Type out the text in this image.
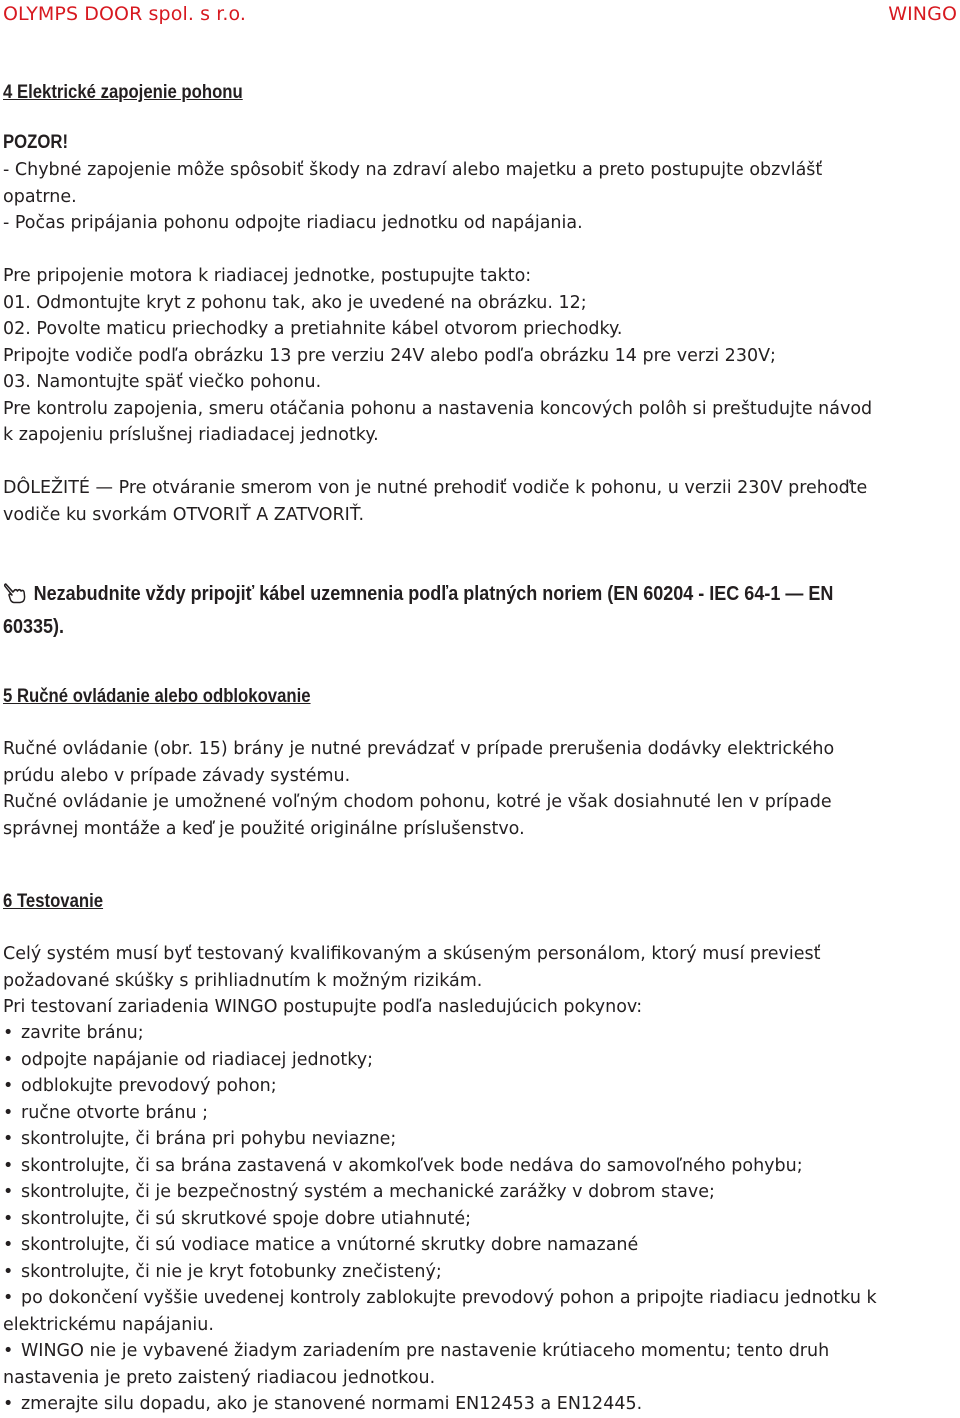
OLYMPS DOOR spol. s r.o.	WINGO
4 Elektrické zapojenie pohonu
POZOR!
- Chybné zapojenie môže spôsobiť škody na zdraví alebo majetku a preto postupujte obzvlášť
opatrne.
- Počas pripájania pohonu odpojte riadiacu jednotku od napájania.
Pre pripojenie motora k riadiacej jednotke, postupujte takto:
01. Odmontujte kryt z pohonu tak, ako je uvedené na obrázku. 12;
02. Povolte maticu priechodky a pretiahnite kábel otvorom priechodky.
Pripojte vodiče podľa obrázku 13 pre verziu 24V alebo podľa obrázku 14 pre verzi 230V;
03. Namontujte späť viečko pohonu.
Pre kontrolu zapojenia, smeru otáčania pohonu a nastavenia koncových polôh si preštudujte návod
k zapojeniu príslušnej riadiadacej jednotky.
DÔLEŽITÉ — Pre otváranie smerom von je nutné prehodiť vodiče k pohonu, u verzii 230V prehoďte
vodiče ku svorkám OTVORIŤ A ZATVORIŤ.
Nezabudnite vždy pripojiť kábel uzemnenia podľa platných noriem (EN 60204 - IEC 64-1 — EN
60335).
5 Ručné ovládanie alebo odblokovanie
Ručné ovládanie (obr. 15) brány je nutné prevádzať v prípade prerušenia dodávky elektrického
prúdu alebo v prípade závady systému.
Ručné ovládanie je umožnené voľným chodom pohonu, kotré je však dosiahnuté len v prípade
správnej montáže a keď je použité originálne príslušenstvo.
6 Testovanie
Celý systém musí byť testovaný kvalifikovaným a skúseným personálom, ktorý musí previesť
požadované skúšky s prihliadnutím k možným rizikám.
Pri testovaní zariadenia WINGO postupujte podľa nasledujúcich pokynov:
• zavrite bránu;
• odpojte napájanie od riadiacej jednotky;
• odblokujte prevodový pohon;
• ručne otvorte bránu ;
• skontrolujte, či brána pri pohybu neviazne;
• skontrolujte, či sa brána zastavená v akomkoľvek bode nedáva do samovoľného pohybu;
• skontrolujte, či je bezpečnostný systém a mechanické zarážky v dobrom stave;
• skontrolujte, či sú skrutkové spoje dobre utiahnuté;
• skontrolujte, či sú vodiace matice a vnútorné skrutky dobre namazané
• skontrolujte, či nie je kryt fotobunky znečistený;
• po dokončení vyššie uvedenej kontroly zablokujte prevodový pohon a pripojte riadiacu jednotku k
elektrickému napájaniu.
• WINGO nie je vybavené žiadym zariadením pre nastavenie krútiaceho momentu; tento druh
nastavenia je preto zaistený riadiacou jednotkou.
• zmerajte silu dopadu, ako je stanovené normami EN12453 a EN12445.
